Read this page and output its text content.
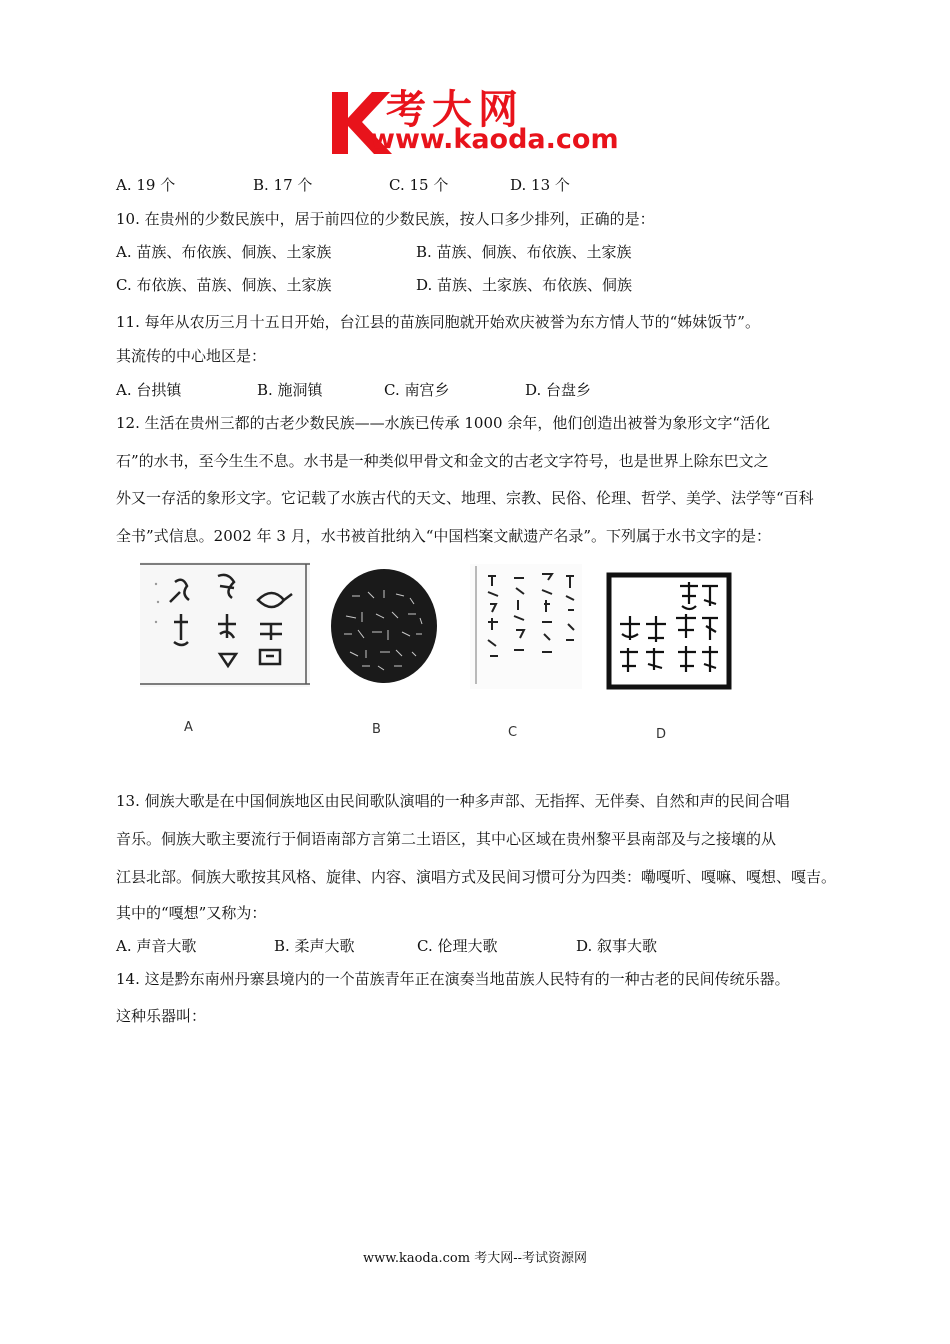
考大网
www.kaoda.com
A. 19 个	B. 17 个	C. 15 个	D. 13 个
10. 在贵州的少数民族中，居于前四位的少数民族，按人口多少排列，正确的是：
A. 苗族、布依族、侗族、土家族	B. 苗族、侗族、布依族、土家族
C. 布依族、苗族、侗族、土家族	D. 苗族、土家族、布依族、侗族
11. 每年从农历三月十五日开始，台江县的苗族同胞就开始欢庆被誉为东方情人节的“姊妹饭节”。
其流传的中心地区是：
A. 台拱镇	B. 施洞镇	C. 南宫乡	D. 台盘乡
12. 生活在贵州三都的古老少数民族——水族已传承 1000 余年，他们创造出被誉为象形文字“活化
石”的水书，至今生生不息。水书是一种类似甲骨文和金文的古老文字符号，也是世界上除东巴文之
外又一存活的象形文字。它记载了水族古代的天文、地理、宗教、民俗、伦理、哲学、美学、法学等“百科
全书”式信息。2002 年 3 月，水书被首批纳入“中国档案文献遗产名录”。下列属于水书文字的是：
A	B	C	D
13. 侗族大歌是在中国侗族地区由民间歌队演唱的一种多声部、无指挥、无伴奏、自然和声的民间合唱
音乐。侗族大歌主要流行于侗语南部方言第二土语区，其中心区域在贵州黎平县南部及与之接壤的从
江县北部。侗族大歌按其风格、旋律、内容、演唱方式及民间习惯可分为四类：嘞嘎听、嘎嘛、嘎想、嘎吉。
其中的“嘎想”又称为：
A. 声音大歌	B. 柔声大歌	C. 伦理大歌	D. 叙事大歌
14. 这是黔东南州丹寨县境内的一个苗族青年正在演奏当地苗族人民特有的一种古老的民间传统乐器。
这种乐器叫：
www.kaoda.com 考大网--考试资源网
